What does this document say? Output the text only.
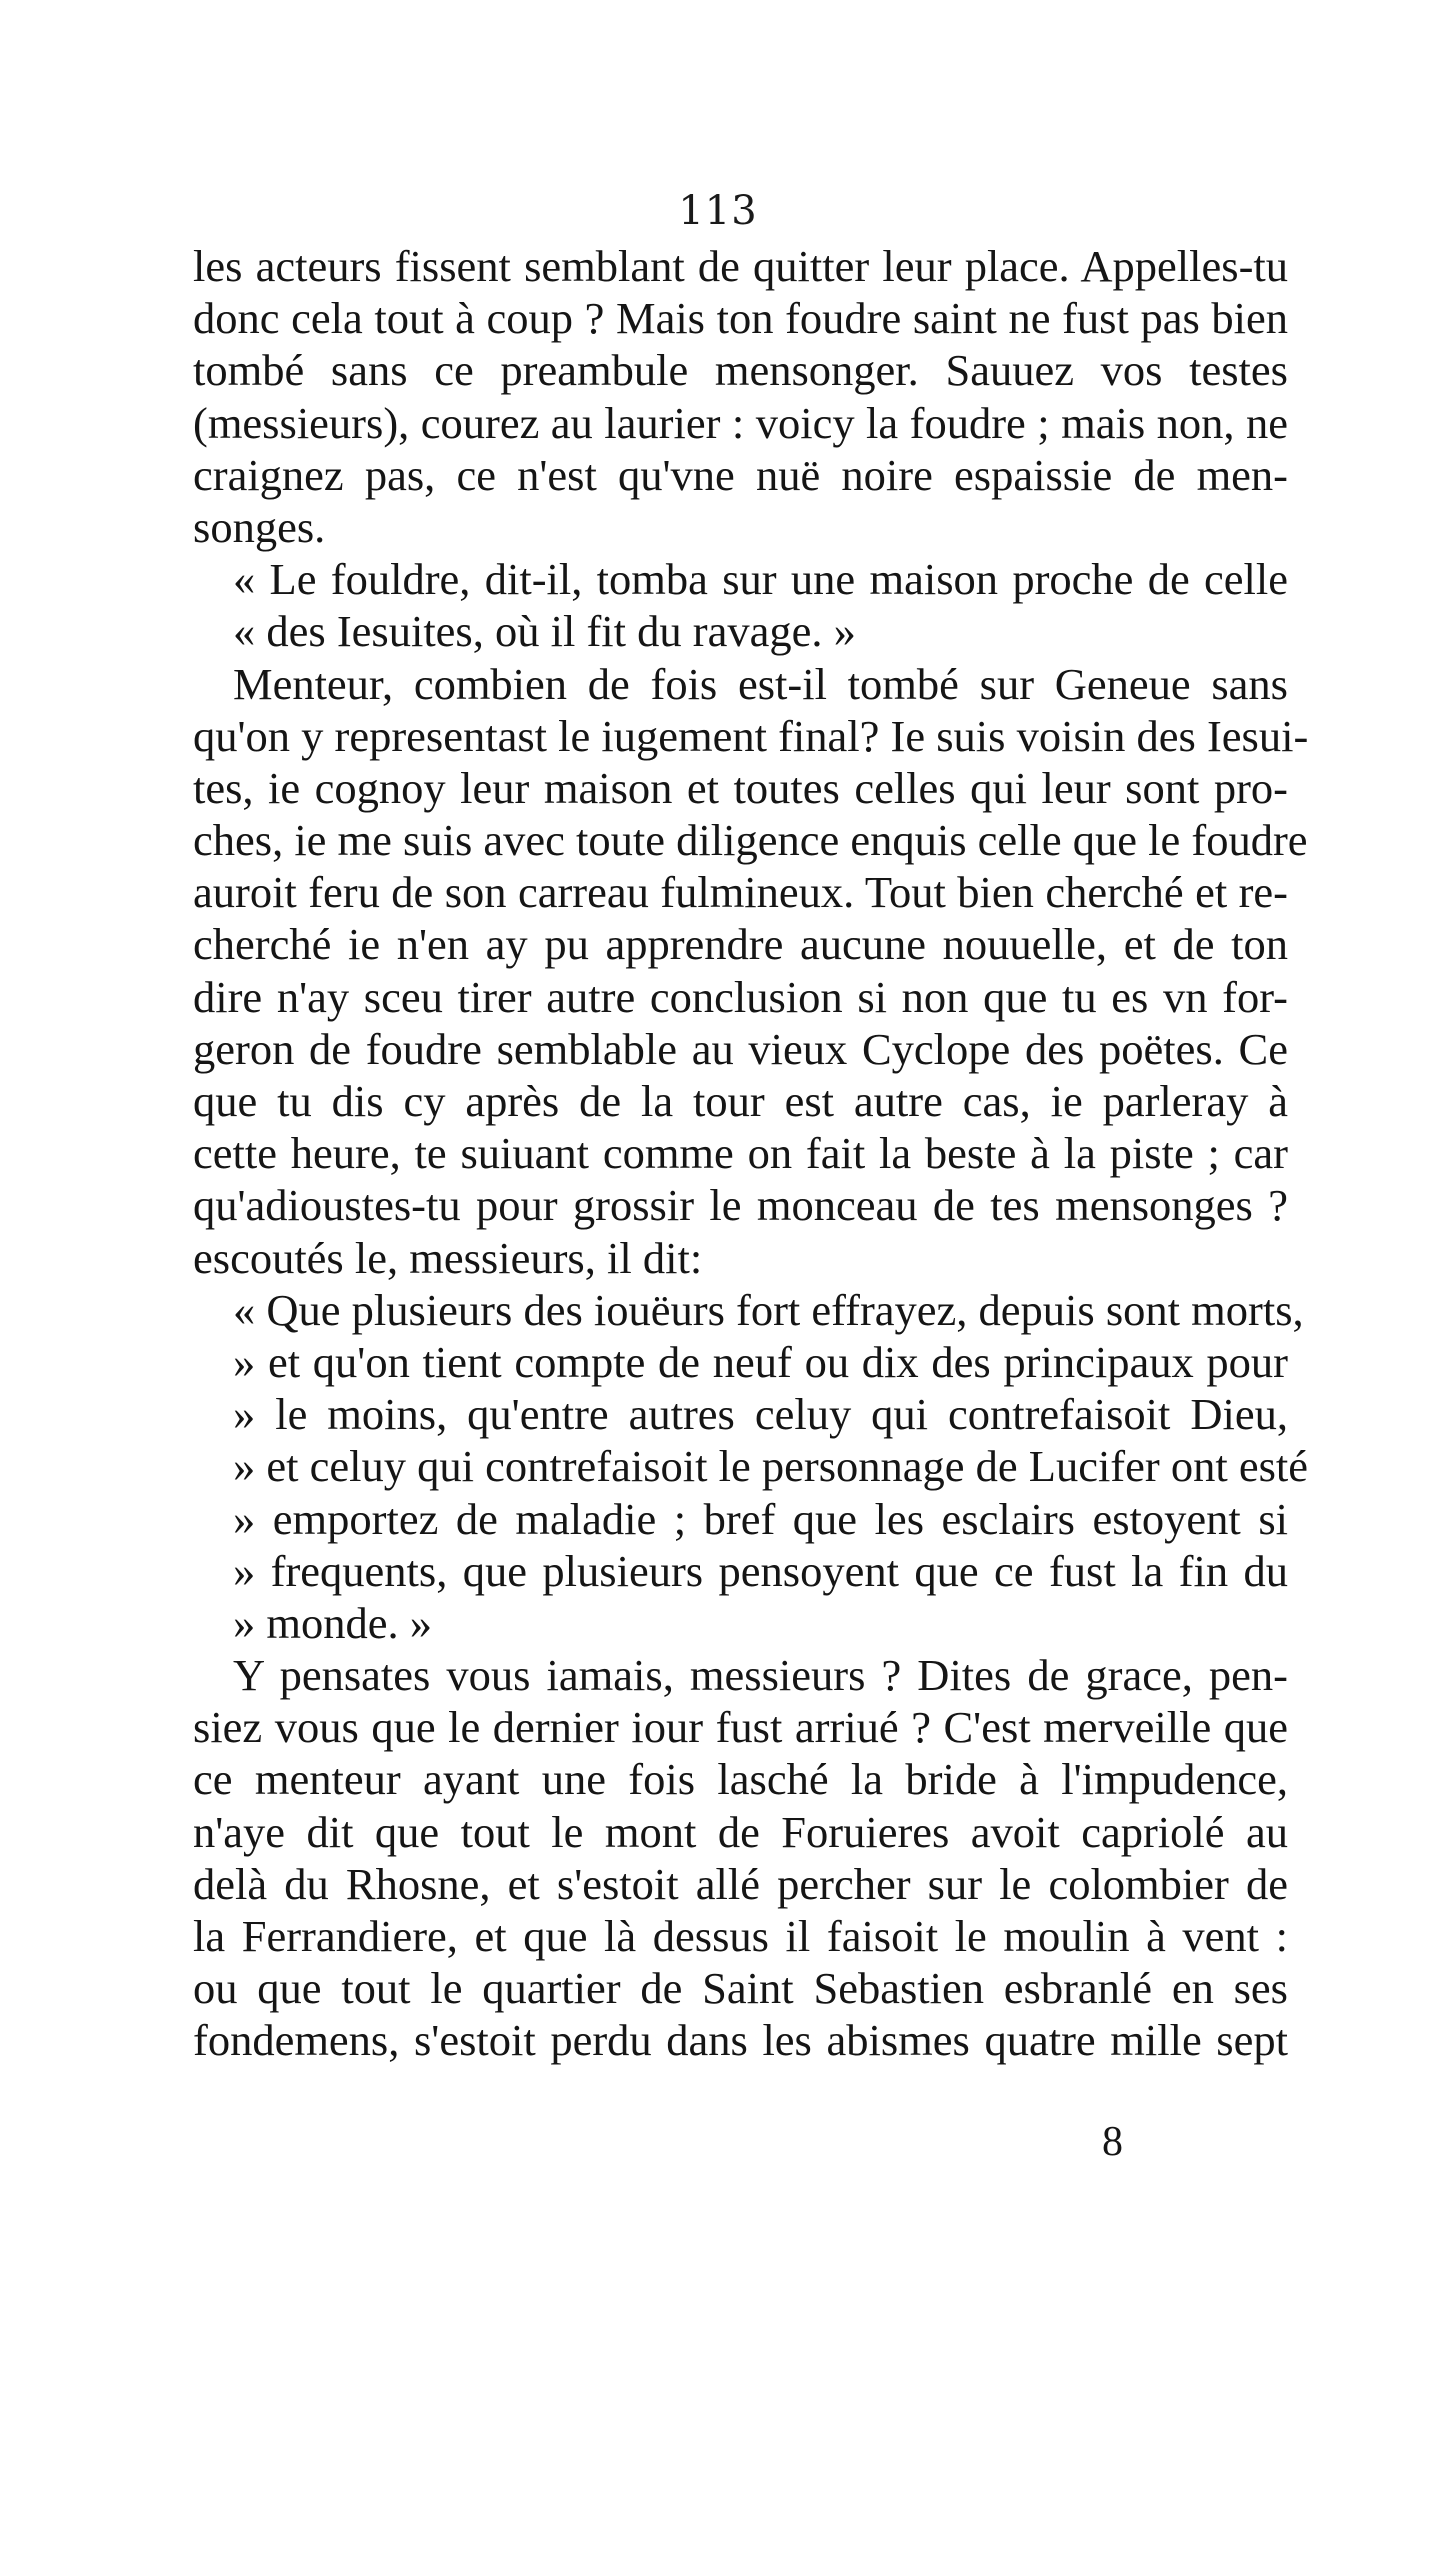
113
les acteurs fissent semblant de quitter leur place. Appelles-tu
donc cela tout à coup ? Mais ton foudre saint ne fust pas bien
tombé sans ce preambule mensonger. Sauuez vos testes
(messieurs), courez au laurier : voicy la foudre ; mais non, ne
craignez pas, ce n'est qu'vne nuë noire espaissie de men-
songes.
« Le fouldre, dit-il, tomba sur une maison proche de celle
« des Iesuites, où il fit du ravage. »
Menteur, combien de fois est-il tombé sur Geneue sans
qu'on y representast le iugement final? Ie suis voisin des Iesui-
tes, ie cognoy leur maison et toutes celles qui leur sont pro-
ches, ie me suis avec toute diligence enquis celle que le foudre
auroit feru de son carreau fulmineux. Tout bien cherché et re-
cherché ie n'en ay pu apprendre aucune nouuelle, et de ton
dire n'ay sceu tirer autre conclusion si non que tu es vn for-
geron de foudre semblable au vieux Cyclope des poëtes. Ce
que tu dis cy après de la tour est autre cas, ie parleray à
cette heure, te suiuant comme on fait la beste à la piste ; car
qu'adioustes-tu pour grossir le monceau de tes mensonges ?
escoutés le, messieurs, il dit:
« Que plusieurs des iouëurs fort effrayez, depuis sont morts,
» et qu'on tient compte de neuf ou dix des principaux pour
» le moins, qu'entre autres celuy qui contrefaisoit Dieu,
» et celuy qui contrefaisoit le personnage de Lucifer ont esté
» emportez de maladie ; bref que les esclairs estoyent si
» frequents, que plusieurs pensoyent que ce fust la fin du
» monde. »
Y pensates vous iamais, messieurs ? Dites de grace, pen-
siez vous que le dernier iour fust arriué ? C'est merveille que
ce menteur ayant une fois lasché la bride à l'impudence,
n'aye dit que tout le mont de Foruieres avoit capriolé au
delà du Rhosne, et s'estoit allé percher sur le colombier de
la Ferrandiere, et que là dessus il faisoit le moulin à vent :
ou que tout le quartier de Saint Sebastien esbranlé en ses
fondemens, s'estoit perdu dans les abismes quatre mille sept
8
